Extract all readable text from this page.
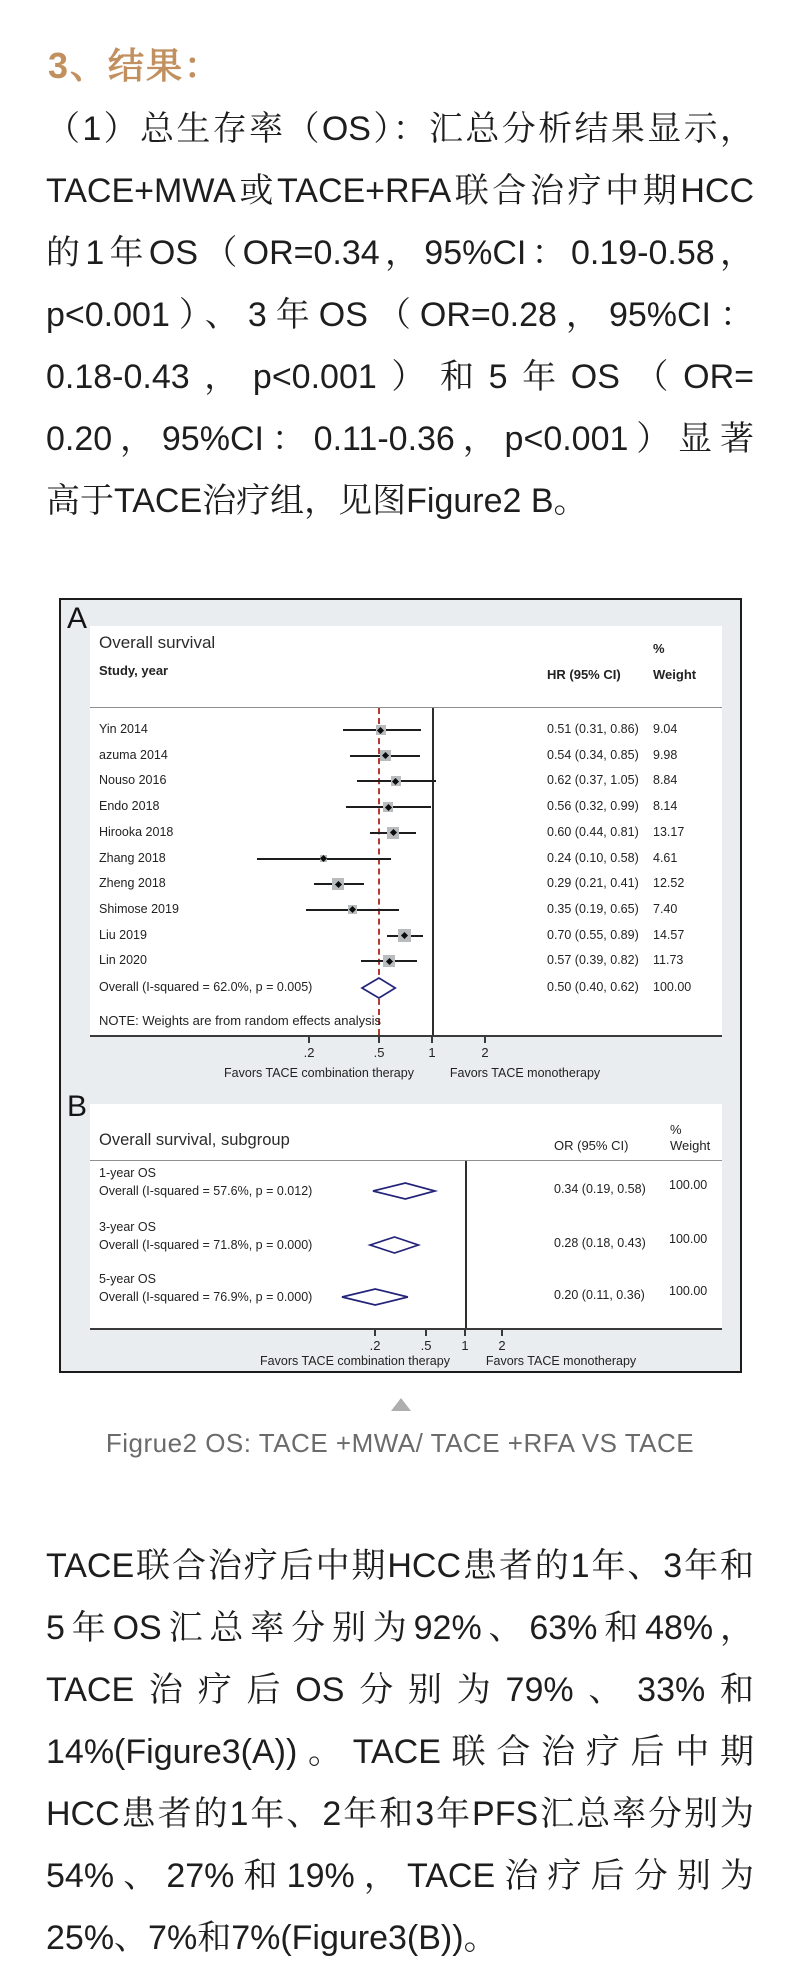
3、结果：
（1）总生存率（OS）：汇总分析结果显示，
TACE+MWA或TACE+RFA联合治疗中期HCC
的1年OS（OR=0.34，95%CI：0.19-0.58，
p<0.001）、3年OS（OR=0.28，95%CI：
0.18-0.43，p<0.001）和5年OS（OR=
0.20，95%CI：0.11-0.36，p<0.001）显著
高于TACE治疗组，见图Figure2 B。
A
Overall survival
Study, year
%
Weight
HR (95% CI)
NOTE: Weights are from random effects analysis
.2	.5	1	2
Favors TACE combination therapy	Favors TACE monotherapy
B
Overall survival, subgroup	OR (95% CI)
%
Weight
.2	.5 1 2
Favors TACE combination therapy	Favors TACE monotherapy
Yin 2014	0.51 (0.31, 0.86) 9.04
azuma 2014	0.54 (0.34, 0.85) 9.98
Nouso 2016	0.62 (0.37, 1.05) 8.84
Endo 2018	0.56 (0.32, 0.99) 8.14
Hirooka 2018	0.60 (0.44, 0.81) 13.17
Zhang 2018	0.24 (0.10, 0.58) 4.61
Zheng 2018	0.29 (0.21, 0.41) 12.52
Shimose 2019	0.35 (0.19, 0.65) 7.40
Liu 2019	0.70 (0.55, 0.89) 14.57
Lin 2020	0.57 (0.39, 0.82) 11.73
Overall (I-squared = 62.0%, p = 0.005)	0.50 (0.40, 0.62) 100.00
1-year OS
Overall (I-squared = 57.6%, p = 0.012)	0.34 (0.19, 0.58) 100.00
3-year OS
Overall (I-squared = 71.8%, p = 0.000)	0.28 (0.18, 0.43) 100.00
5-year OS
Overall (I-squared = 76.9%, p = 0.000)	0.20 (0.11, 0.36) 100.00
Figrue2 OS: TACE +MWA/ TACE +RFA VS TACE
TACE联合治疗后中期HCC患者的1年、3年和
5年OS汇总率分别为92%、63%和48%，
TACE治疗后OS分别为79%、33%和
14%(Figure3(A))。TACE联合治疗后中期
HCC患者的1年、2年和3年PFS汇总率分别为
54%、27%和19%，TACE治疗后分别为
25%、7%和7%(Figure3(B))。
